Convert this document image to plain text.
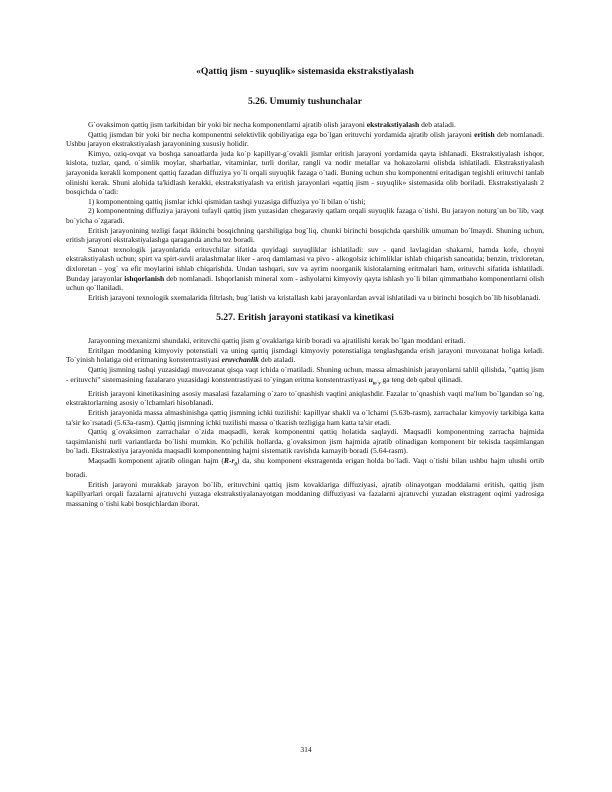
«Qattiq jism - suyuqlik» sistemasida ekstrakstiyalash
5.26. Umumiy tushunchalar

G`ovaksimon qattiq jism tarkibidan bir yoki bir necha komponentlarni ajratib olish jarayoni ekstrakstiyalash deb ataladi.

Qattiq jismdan bir yoki bir necha komponentni selektivlik qobiliyatiga ega bo`lgan erituvchi yordamida ajratib olish jarayoni eritish deb nomlanadi. Ushbu jarayon ekstrakstiyalash jarayonining xususiy holidir.

Kimyo, oziq-ovqat va boshqa sanoatlarda juda ko`p kapillyar-g`ovakli jismlar eritish jarayoni yordamida qayta ishlanadi. Ekstrakstiyalash ishqor, kislota, tuzlar, qand, o`simlik moylar, sharbatlar, vitaminlar, turli dorilar, rangli va nodir metallar va hokazolarni olishda ishlatiladi. Ekstrakstiyalash jarayonida kerakli komponent qattiq fazadan diffuziya yo`li orqali suyuqlik fazaga o`tadi. Buning uchun shu komponentni eritadigan tegishli erituvchi tanlab olinishi kerak. Shuni alohida ta'kidlash kerakki, ekstrakstiyalash va eritish jarayonlari «qattiq jism - suyuqlik» sistemasida olib boriladi. Ekstrakstiyalash 2 bosqichda o`tadi:

1) komponentning qattiq jismlar ichki qismidan tashqi yuzasiga diffuziya yo`li bilan o`tishi;

2) komponentning diffuziya jarayoni tufayli qattiq jism yuzasidan chegaraviy qatlam orqali suyuqlik fazaga o`tishi. Bu jarayon noturg`un bo`lib, vaqt bo`yicha o`zgaradi.

Eritish jarayonining tezligi faqat ikkinchi bosqichning qarshiligiga bog`liq, chunki birinchi bosqichda qarshilik umuman bo`lmaydi. Shuning uchun, eritish jarayoni ekstrakstiyalashga qaraganda ancha tez boradi.

Sanoat texnologik jarayonlarida erituvchilar sifatida quyidagi suyuqliklar ishlatiladi: suv - qand lavlagidan shakarni, hamda kofe, choyni ekstrakstiyalash uchun; spirt va spirt-suvli aralashmalar liker - aroq damlamasi va pivo - alkogolsiz ichimliklar ishlab chiqarish sanoatida; benzin, trixloretan, dixloretan - yog` va efir moylarini ishlab chiqarishda. Undan tashqari, suv va ayrim noorganik kislotalarning eritmalari ham, erituvchi sifatida ishlatiladi. Bunday jarayonlar ishqorlanish deb nomlanadi. Ishqorlanish mineral xom - ashyolarni kimyoviy qayta ishlash yo`li bilan qimmatbaho komponentlarni olish uchun qo`llaniladi.

Eritish jarayoni texnologik sxemalarida filtrlash, bug`latish va kristallash kabi jarayonlardan avval ishlatiladi va u birinchi bosqich bo`lib hisoblanadi.

5.27. Eritish jarayoni statikasi va kinetikasi

Jarayonning mexanizmi shundaki, erituvchi qattiq jism g`ovaklariga kirib boradi va ajratilishi kerak bo`lgan moddani eritadi.

Eritilgan moddaning kimyoviy potenstiali va uning qattiq jismdagi kimyoviy potenstialiga tenglashganda erish jarayoni muvozanat holiga keladi. To`yinish holatiga oid eritmaning konstentrastiyasi eruvchanlik deb ataladi.

Qattiq jismning tashqi yuzasidagi muvozanat qisqa vaqt ichida o`rnatiladi. Shuning uchun, massa almashinish jarayonlarni tahlil qilishda, "qattiq jism - erituvchi" sistemasining fazalararo yuzasidagi konstentrastiyasi to`yingan eritma konstentrastiyasi $u_{to`y}$ ga teng deb qabul qilinadi.

Eritish jarayoni kinetikasining asosiy masalasi fazalarning o`zaro to`qnashish vaqtini aniqlashdir. Fazalar to`qnashish vaqti ma'lum bo`lgandan so`ng, ekstraktorlarning asosiy o`lchamlari hisoblanadi.

Eritish jarayonida massa almashinishga qattiq jismning ichki tuzilishi: kapillyar shakli va o`lchami (5.63b-rasm), zarrachalar kimyoviy tarkibiga katta ta'sir ko`rsatadi (5.63a-rasm). Qattiq jismning ichki tuzilishi massa o`tkazish tezligiga ham katta ta'sir etadi.

Qattiq g`ovaksimon zarrachalar o`zida maqsadli, kerak komponentni qattiq holatida saqlaydi. Maqsadli komponentning zarracha hajmida taqsimlanishi turli variantlarda bo`lishi mumkin. Ko`pchilik hollarda, g`ovaksimon jism hajmida ajratib olinadigan komponent bir tekisda taqsimlangan bo`ladi. Ekstrakstiya jarayonida maqsadli komponentning hajmi sistematik ravishda kamayib boradi (5.64-rasm).

Maqsadli komponent ajratib olingan hajm $(R-r_0)$ da, shu komponent ekstragentda erigan holda bo`ladi. Vaqt o`tishi bilan ushbu hajm ulushi ortib boradi.

Eritish jarayoni murakkab jarayon bo`lib, erituvchini qattiq jism kovaklariga diffuziyasi, ajratib olinayotgan moddalarni eritish, qattiq jism kapillyarlari orqali fazalarni ajratuvchi yuzaga ekstrakstiyalanayotgan moddaning diffuziyasi va fazalarni ajratuvchi yuzadan ekstragent oqimi yadrosiga massaning o`tishi kabi bosqichlardan iborat.

314
